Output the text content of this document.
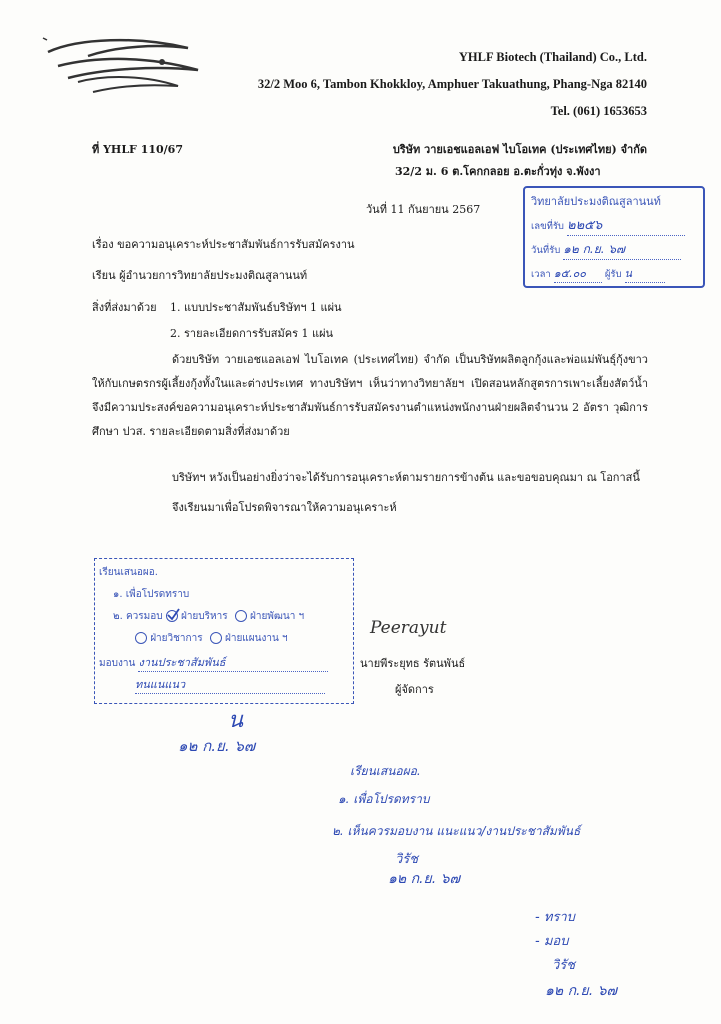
YHLF Biotech (Thailand) Co., Ltd.
32/2 Moo 6, Tambon Khokkloy, Amphuer Takuathung, Phang-Nga 82140
Tel. (061) 1653653
ที่ YHLF 110/67	บริษัท วายเอชแอลเอฟ ไบโอเทค (ประเทศไทย) จำกัด
32/2 ม. 6 ต.โคกกลอย อ.ตะกั่วทุ่ง จ.พังงา
วิทยาลัยประมงติณสูลานนท์
เลขที่รับ ๒๒๕๖
วันที่รับ ๑๒ ก.ย. ๖๗
เวลา ๑๕.๐๐ ผู้รับ น
วันที่ 11 กันยายน 2567
เรื่อง ขอความอนุเคราะห์ประชาสัมพันธ์การรับสมัครงาน
เรียน ผู้อำนวยการวิทยาลัยประมงติณสูลานนท์
สิ่งที่ส่งมาด้วย 1. แบบประชาสัมพันธ์บริษัทฯ 1 แผ่น
2. รายละเอียดการรับสมัคร 1 แผ่น
ด้วยบริษัท วายเอชแอลเอฟ ไบโอเทค (ประเทศไทย) จำกัด เป็นบริษัทผลิตลูกกุ้งและพ่อแม่พันธุ์กุ้งขาวให้กับเกษตรกรผู้เลี้ยงกุ้งทั้งในและต่างประเทศ ทางบริษัทฯ เห็นว่าทางวิทยาลัยฯ เปิดสอนหลักสูตรการเพาะเลี้ยงสัตว์น้ำ จึงมีความประสงค์ขอความอนุเคราะห์ประชาสัมพันธ์การรับสมัครงานตำแหน่งพนักงานฝ่ายผลิตจำนวน 2 อัตรา วุฒิการศึกษา ปวส. รายละเอียดตามสิ่งที่ส่งมาด้วย
บริษัทฯ หวังเป็นอย่างยิ่งว่าจะได้รับการอนุเคราะห์ตามรายการข้างต้น และขอขอบคุณมา ณ โอกาสนี้
จึงเรียนมาเพื่อโปรดพิจารณาให้ความอนุเคราะห์
เรียนเสนอผอ.
๑. เพื่อโปรดทราบ
๒. ควรมอบ ฝ่ายบริหาร ฝ่ายพัฒนา ฯ
ฝ่ายวิชาการ ฝ่ายแผนงาน ฯ
มอบงาน งานประชาสัมพันธ์
ทนแนแนว
Peerayut
นายพีระยุทธ รัตนพันธ์
ผู้จัดการ
น
๑๒ ก.ย. ๖๗
เรียนเสนอผอ.
๑. เพื่อโปรดทราบ
๒. เห็นควรมอบงาน แนะแนว/งานประชาสัมพันธ์
วิรัช
๑๒ ก.ย. ๖๗
- ทราบ
- มอบ
วิรัช
๑๒ ก.ย. ๖๗
